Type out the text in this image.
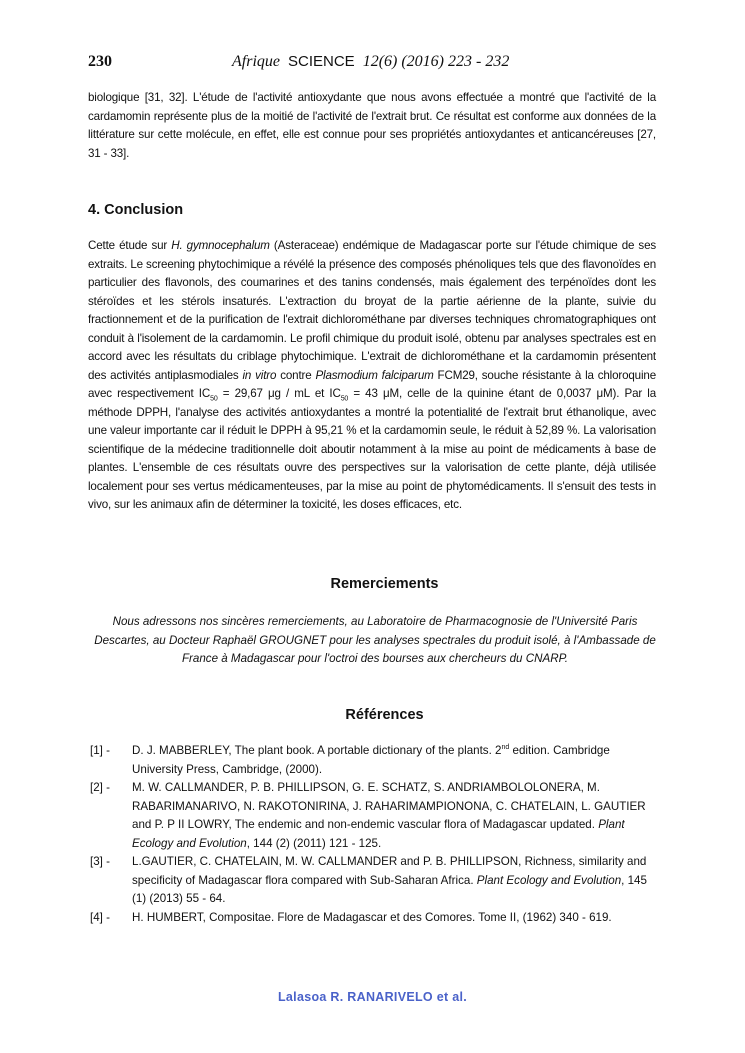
230	Afrique SCIENCE 12(6) (2016) 223 - 232

biologique [31, 32]. L'étude de l'activité antioxydante que nous avons effectuée a montré que l'activité de la cardamomin représente plus de la moitié de l'activité de l'extrait brut. Ce résultat est conforme aux données de la littérature sur cette molécule, en effet, elle est connue pour ses propriétés antioxydantes et anticancéreuses [27, 31 - 33].

4. Conclusion

Cette étude sur H. gymnocephalum (Asteraceae) endémique de Madagascar porte sur l'étude chimique de ses extraits. Le screening phytochimique a révélé la présence des composés phénoliques tels que des flavonoïdes en particulier des flavonols, des coumarines et des tanins condensés, mais également des terpénoïdes dont les stéroïdes et les stérols insaturés. L'extraction du broyat de la partie aérienne de la plante, suivie du fractionnement et de la purification de l'extrait dichlorométhane par diverses techniques chromatographiques ont conduit à l'isolement de la cardamomin. Le profil chimique du produit isolé, obtenu par analyses spectrales est en accord avec les résultats du criblage phytochimique. L'extrait de dichlorométhane et la cardamomin présentent des activités antiplasmodiales in vitro contre Plasmodium falciparum FCM29, souche résistante à la chloroquine avec respectivement $IC_{50} = 29,67$ μg / mL et $IC_{50} = 43$ μM, celle de la quinine étant de 0,0037 μM). Par la méthode DPPH, l'analyse des activités antioxydantes a montré la potentialité de l'extrait brut éthanolique, avec une valeur importante car il réduit le DPPH à 95,21 % et la cardamomin seule, le réduit à 52,89 %. La valorisation scientifique de la médecine traditionnelle doit aboutir notamment à la mise au point de médicaments à base de plantes. L'ensemble de ces résultats ouvre des perspectives sur la valorisation de cette plante, déjà utilisée localement pour ses vertus médicamenteuses, par la mise au point de phytomédicaments. Il s'ensuit des tests in vivo, sur les animaux afin de déterminer la toxicité, les doses efficaces, etc.

Remerciements
Nous adressons nos sincères remerciements, au Laboratoire de Pharmacognosie de l'Université Paris
Descartes, au Docteur Raphaël GROUGNET pour les analyses spectrales du produit isolé, à l'Ambassade de
France à Madagascar pour l'octroi des bourses aux chercheurs du CNARP.
Références
[1] -	D. J. MABBERLEY, The plant book. A portable dictionary of the plants. 2nd edition. Cambridge University Press, Cambridge, (2000).
[2] -	M. W. CALLMANDER, P. B. PHILLIPSON, G. E. SCHATZ, S. ANDRIAMBOLOLONERA, M. RABARIMANARIVO, N. RAKOTONIRINA, J. RAHARIMAMPIONONA, C. CHATELAIN, L. GAUTIER and P. P II LOWRY, The endemic and non-endemic vascular flora of Madagascar updated. Plant Ecology and Evolution, 144 (2) (2011) 121 - 125.
[3] -	L.GAUTIER, C. CHATELAIN, M. W. CALLMANDER and P. B. PHILLIPSON, Richness, similarity and specificity of Madagascar flora compared with Sub-Saharan Africa. Plant Ecology and Evolution, 145 (1) (2013) 55 - 64.
[4] -	H. HUMBERT, Compositae. Flore de Madagascar et des Comores. Tome II, (1962) 340 - 619.
Lalasoa R. RANARIVELO et al.
